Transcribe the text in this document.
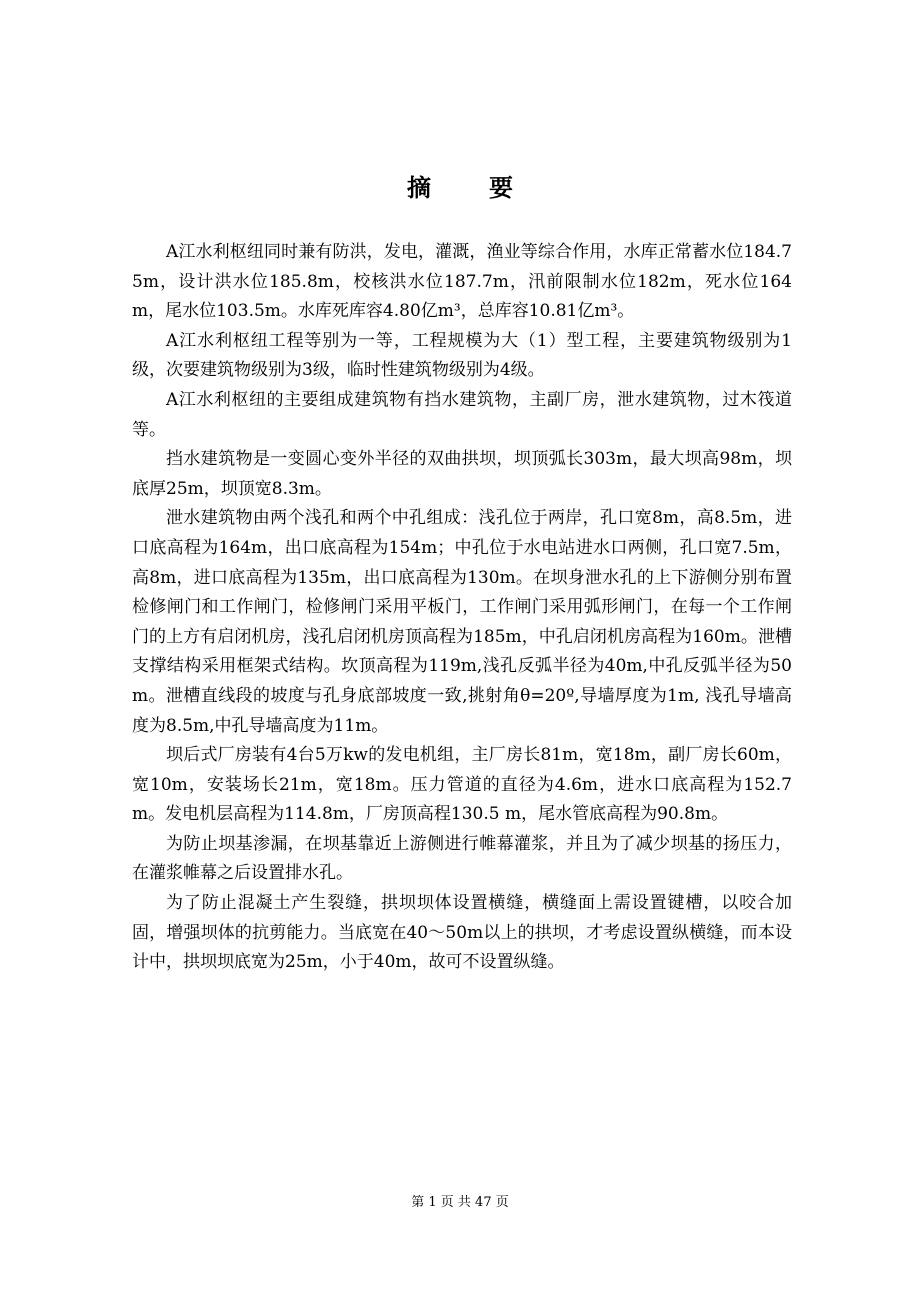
摘要

A江水利枢纽同时兼有防洪，发电，灌溉，渔业等综合作用，水库正常蓄水位184.75m，设计洪水位185.8m，校核洪水位187.7m，汛前限制水位182m，死水位164m，尾水位103.5m。水库死库容4.80亿m³，总库容10.81亿m³。

A江水利枢纽工程等别为一等，工程规模为大（1）型工程，主要建筑物级别为1级，次要建筑物级别为3级，临时性建筑物级别为4级。

A江水利枢纽的主要组成建筑物有挡水建筑物，主副厂房，泄水建筑物，过木筏道等。

挡水建筑物是一变圆心变外半径的双曲拱坝，坝顶弧长303m，最大坝高98m，坝底厚25m，坝顶宽8.3m。

泄水建筑物由两个浅孔和两个中孔组成：浅孔位于两岸，孔口宽8m，高8.5m，进口底高程为164m，出口底高程为154m；中孔位于水电站进水口两侧，孔口宽7.5m，高8m，进口底高程为135m，出口底高程为130m。在坝身泄水孔的上下游侧分别布置检修闸门和工作闸门，检修闸门采用平板门，工作闸门采用弧形闸门，在每一个工作闸门的上方有启闭机房，浅孔启闭机房顶高程为185m，中孔启闭机房高程为160m。泄槽支撑结构采用框架式结构。坎顶高程为119m,浅孔反弧半径为40m,中孔反弧半径为50m。泄槽直线段的坡度与孔身底部坡度一致,挑射角θ=20º,导墙厚度为1m, 浅孔导墙高度为8.5m,中孔导墙高度为11m。

坝后式厂房装有4台5万kw的发电机组，主厂房长81m，宽18m，副厂房长60m，宽10m，安装场长21m，宽18m。压力管道的直径为4.6m，进水口底高程为152.7m。发电机层高程为114.8m，厂房顶高程130.5 m，尾水管底高程为90.8m。

为防止坝基渗漏，在坝基靠近上游侧进行帷幕灌浆，并且为了减少坝基的扬压力，在灌浆帷幕之后设置排水孔。

为了防止混凝土产生裂缝，拱坝坝体设置横缝，横缝面上需设置键槽，以咬合加固，增强坝体的抗剪能力。当底宽在40～50m以上的拱坝，才考虑设置纵横缝，而本设计中，拱坝坝底宽为25m，小于40m，故可不设置纵缝。

第 1 页 共 47 页
